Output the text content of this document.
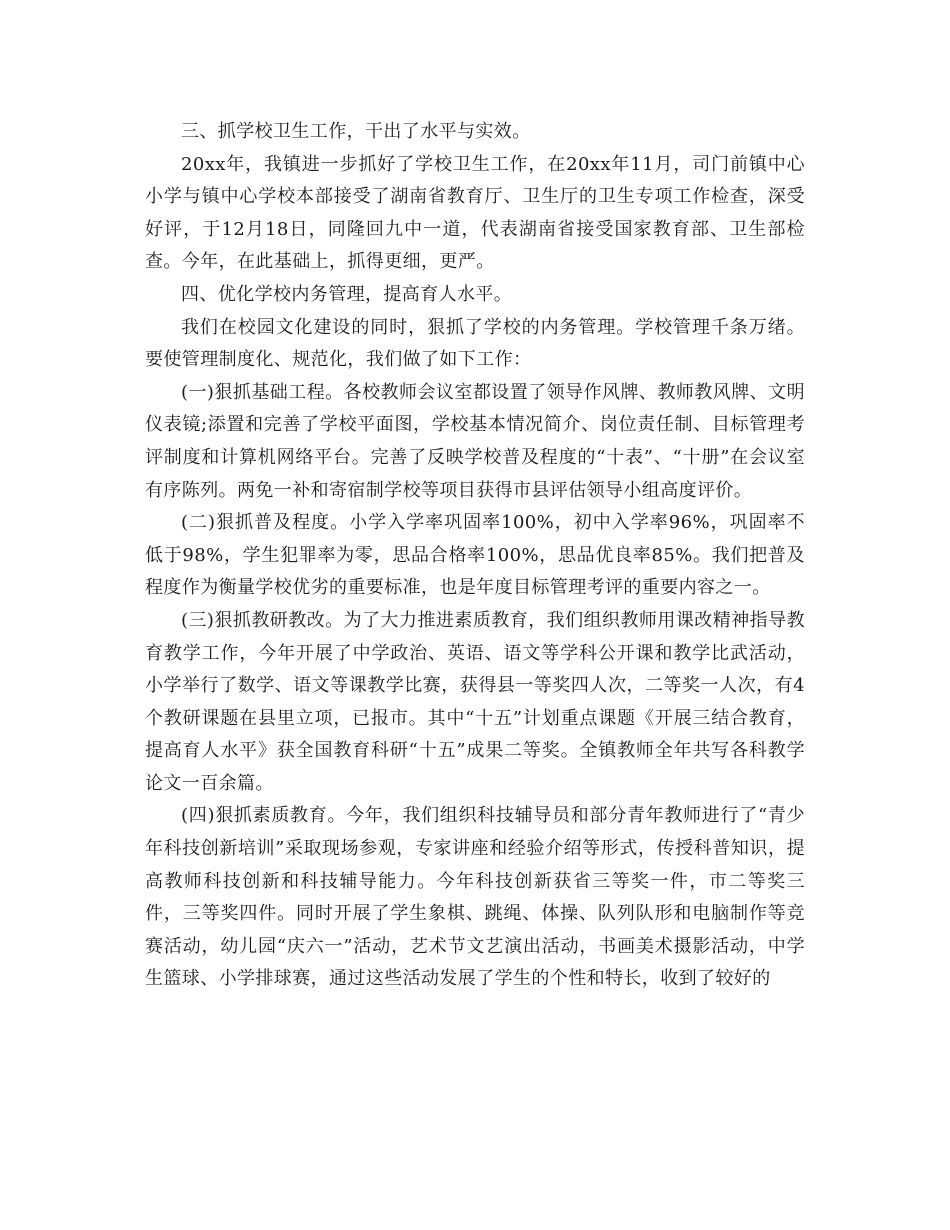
三、抓学校卫生工作，干出了水平与实效。

20xx年，我镇进一步抓好了学校卫生工作，在20xx年11月，司门前镇中心小学与镇中心学校本部接受了湖南省教育厅、卫生厅的卫生专项工作检查，深受好评，于12月18日，同隆回九中一道，代表湖南省接受国家教育部、卫生部检查。今年，在此基础上，抓得更细，更严。

四、优化学校内务管理，提高育人水平。

我们在校园文化建设的同时，狠抓了学校的内务管理。学校管理千条万绪。要使管理制度化、规范化，我们做了如下工作：

(一)狠抓基础工程。各校教师会议室都设置了领导作风牌、教师教风牌、文明仪表镜;添置和完善了学校平面图，学校基本情况简介、岗位责任制、目标管理考评制度和计算机网络平台。完善了反映学校普及程度的“十表”、“十册”在会议室有序陈列。两免一补和寄宿制学校等项目获得市县评估领导小组高度评价。

(二)狠抓普及程度。小学入学率巩固率100%，初中入学率96%，巩固率不低于98%，学生犯罪率为零，思品合格率100%，思品优良率85%。我们把普及程度作为衡量学校优劣的重要标准，也是年度目标管理考评的重要内容之一。

(三)狠抓教研教改。为了大力推进素质教育，我们组织教师用课改精神指导教育教学工作，今年开展了中学政治、英语、语文等学科公开课和教学比武活动，小学举行了数学、语文等课教学比赛，获得县一等奖四人次，二等奖一人次，有4个教研课题在县里立项，已报市。其中“十五”计划重点课题《开展三结合教育，提高育人水平》获全国教育科研“十五”成果二等奖。全镇教师全年共写各科教学论文一百余篇。

(四)狠抓素质教育。今年，我们组织科技辅导员和部分青年教师进行了“青少年科技创新培训”采取现场参观，专家讲座和经验介绍等形式，传授科普知识，提高教师科技创新和科技辅导能力。今年科技创新获省三等奖一件，市二等奖三件，三等奖四件。同时开展了学生象棋、跳绳、体操、队列队形和电脑制作等竞赛活动，幼儿园“庆六一”活动，艺术节文艺演出活动，书画美术摄影活动，中学生篮球、小学排球赛，通过这些活动发展了学生的个性和特长，收到了较好的
